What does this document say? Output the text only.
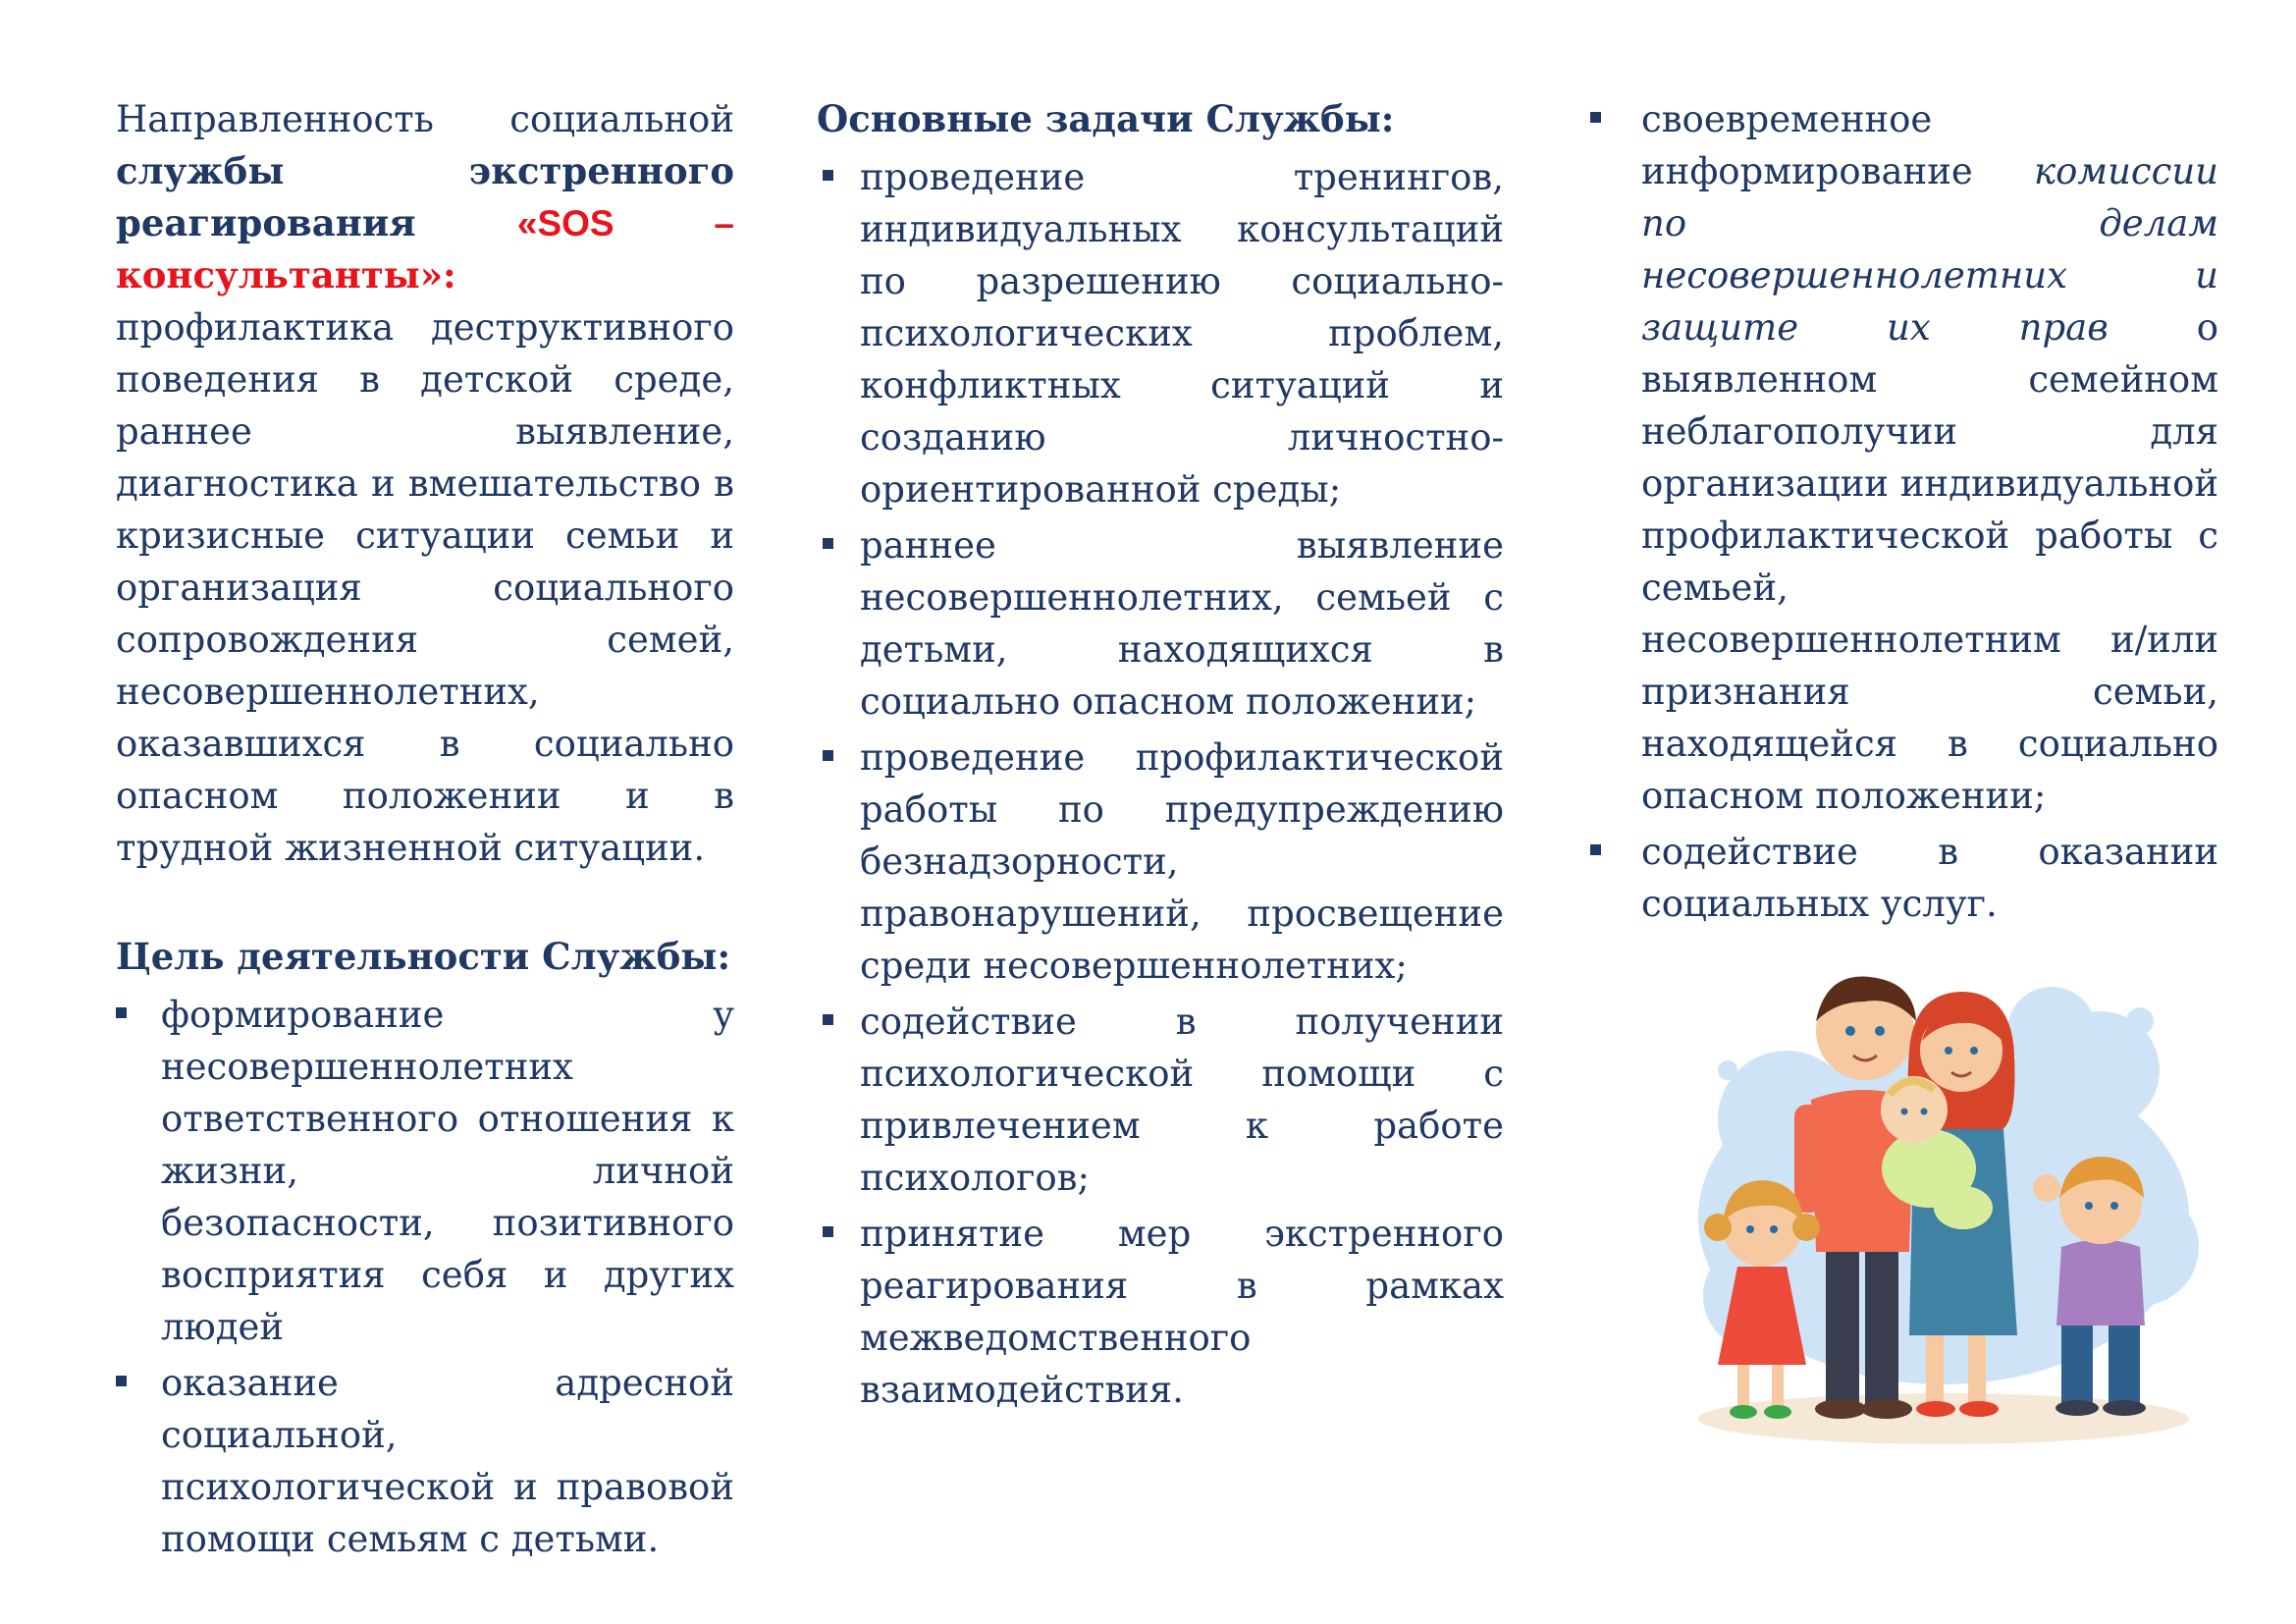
Направленность социальной службы экстренного реагирования	«SOS – консультанты»: профилактика деструктивного поведения в детской среде, раннее выявление, диагностика и вмешательство в кризисные ситуации семьи и организация социального сопровождения семей, несовершеннолетних, оказавшихся в социально опасном положении и в трудной жизненной ситуации.

Цель деятельности Службы:
формирование у несовершеннолетних ответственного отношения к жизни, личной безопасности, позитивного восприятия себя и других людей
оказание адресной социальной, психологической и правовой помощи семьям с детьми.
Основные задачи Службы:
проведение тренингов, индивидуальных консультаций по разрешению социально-психологических проблем, конфликтных ситуаций и созданию личностно-ориентированной среды;
раннее выявление несовершеннолетних, семьей с детьми, находящихся в социально опасном положении;
проведение профилактической работы по предупреждению безнадзорности, правонарушений, просвещение среди несовершеннолетних;
содействие в получении психологической помощи с привлечением к работе психологов;
принятие мер экстренного реагирования в рамках межведомственного взаимодействия.
своевременное информирование комиссии по делам несовершеннолетних и защите их прав о выявленном семейном неблагополучии для организации индивидуальной профилактической работы с семьей, несовершеннолетним и/или признания семьи, находящейся в социально опасном положении;
содействие в оказании социальных услуг.
